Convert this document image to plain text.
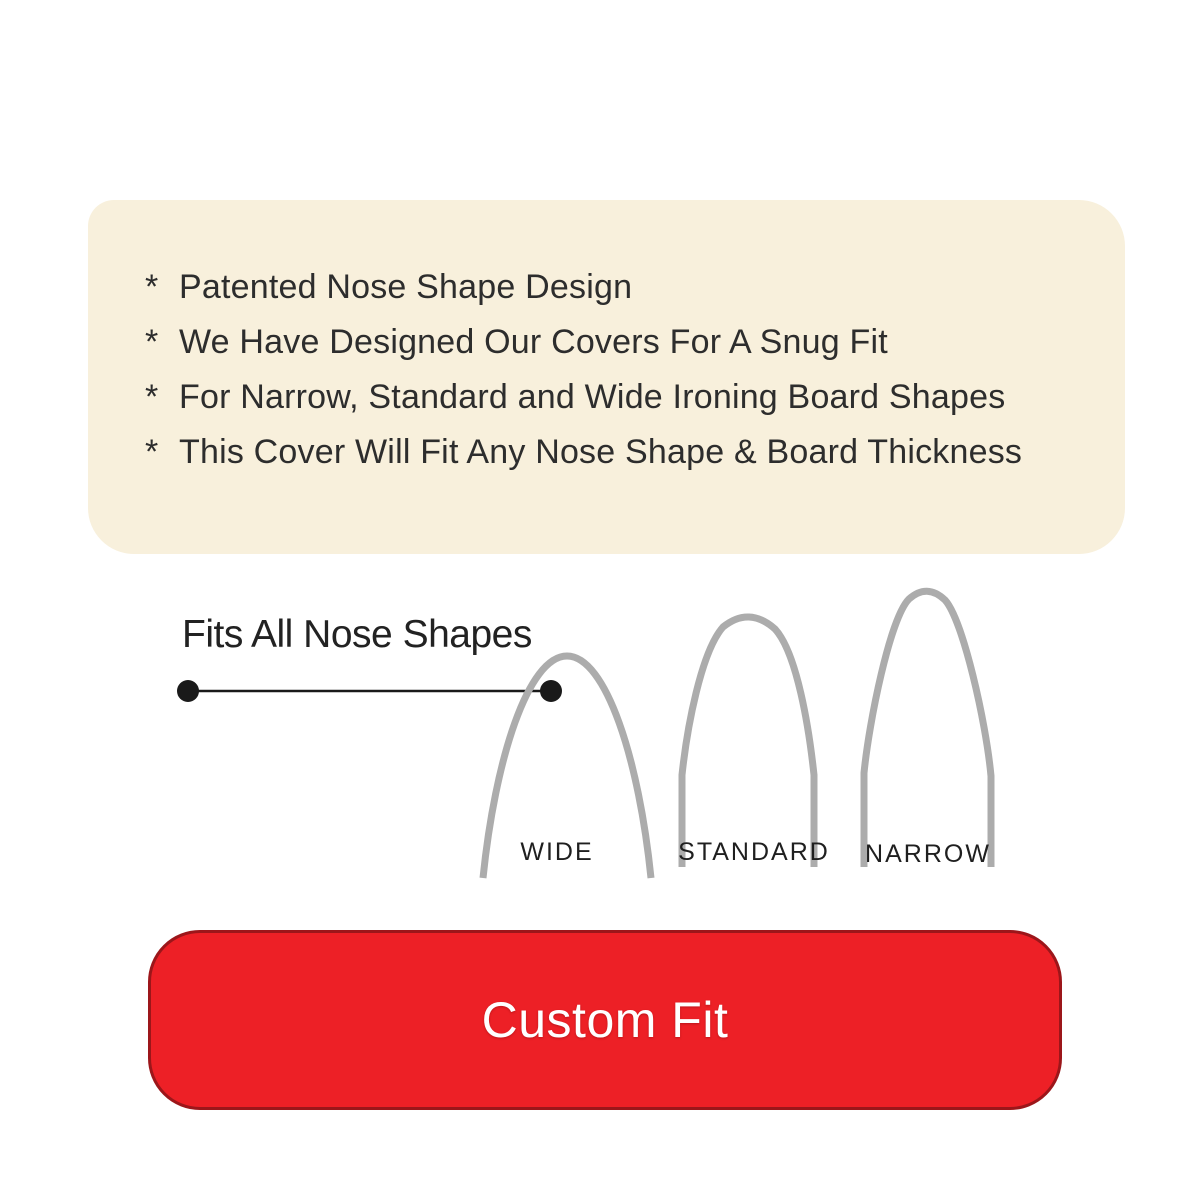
* Patented Nose Shape Design
* We Have Designed Our Covers For A Snug Fit
* For Narrow, Standard and Wide Ironing Board Shapes
* This Cover Will Fit Any Nose Shape & Board Thickness
Fits All Nose Shapes
WIDE	STANDARD NARROW
Custom Fit
